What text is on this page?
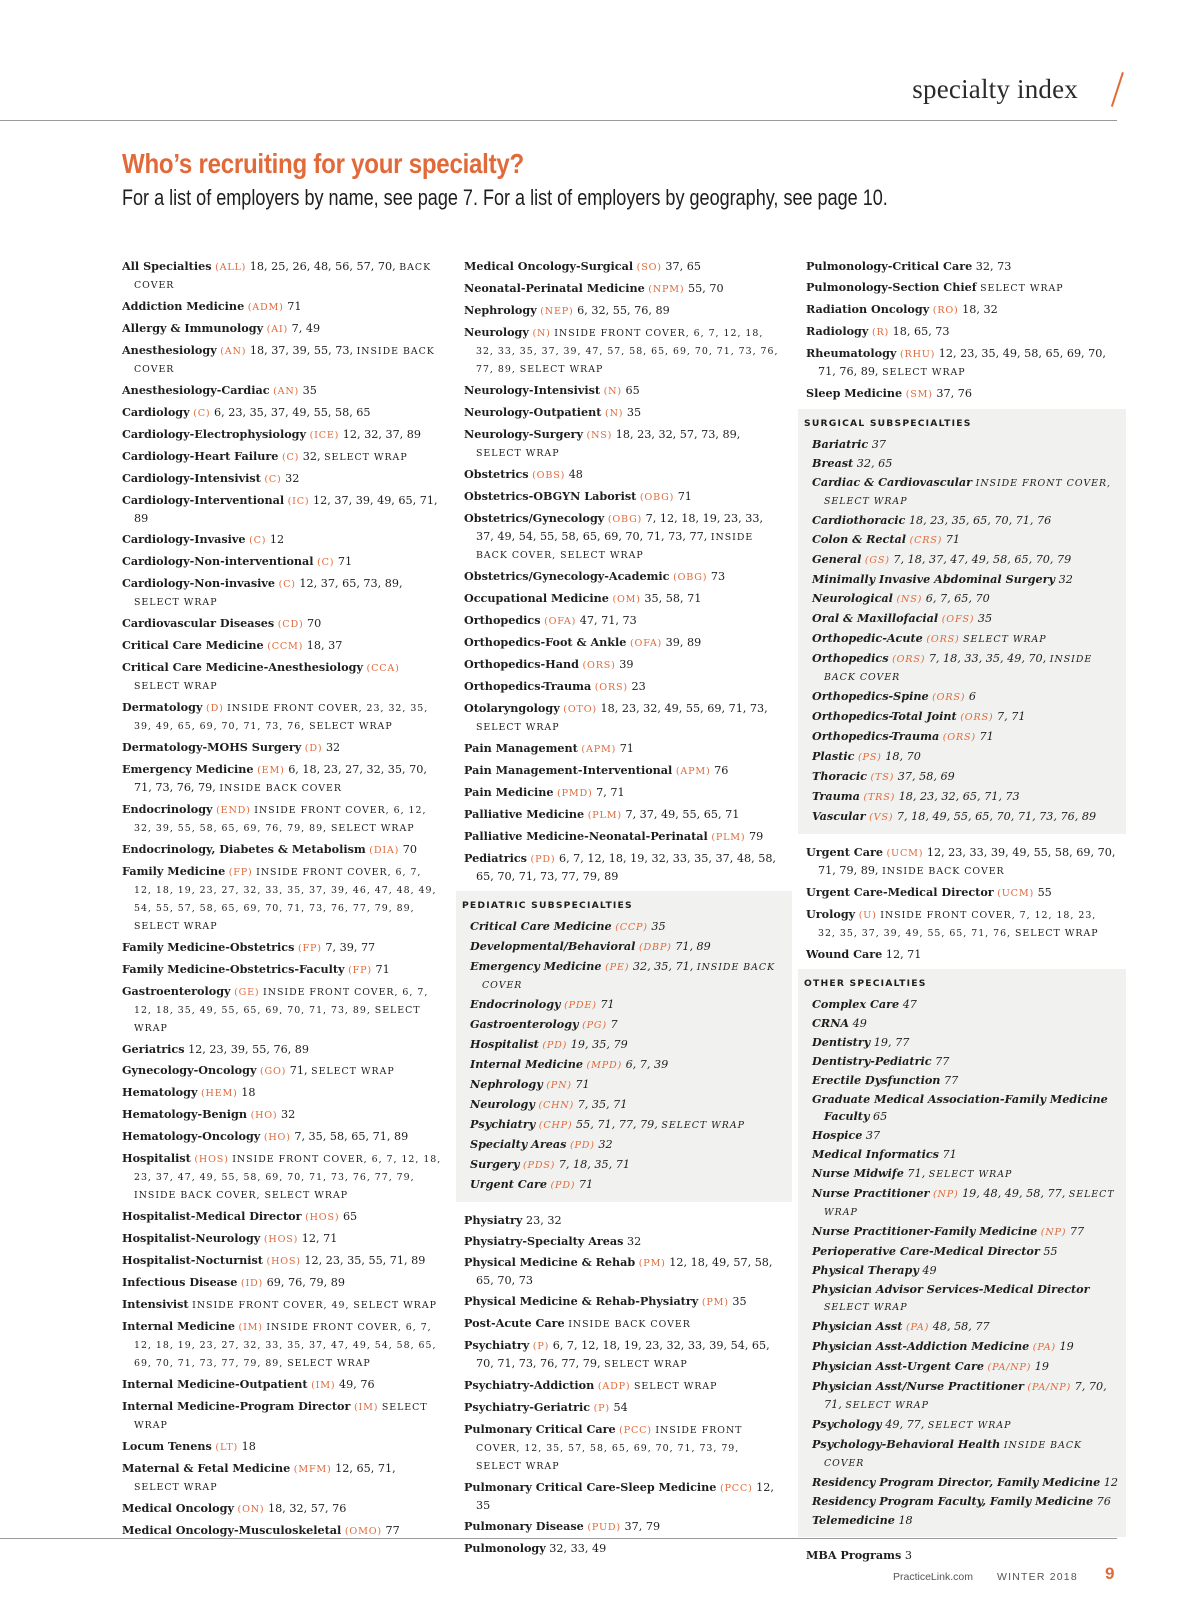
specialty index
Who’s recruiting for your specialty?
For a list of employers by name, see page 7. For a list of employers by geography, see page 10.
All Specialties (ALL) 18, 25, 26, 48, 56, 57, 70, BACK COVER
Addiction Medicine (ADM) 71
Allergy & Immunology (AI) 7, 49
Anesthesiology (AN) 18, 37, 39, 55, 73, INSIDE BACK COVER
Anesthesiology-Cardiac (AN) 35
Cardiology (C) 6, 23, 35, 37, 49, 55, 58, 65
Cardiology-Electrophysiology (ICE) 12, 32, 37, 89
Cardiology-Heart Failure (C) 32, SELECT WRAP
Cardiology-Intensivist (C) 32
Cardiology-Interventional (IC) 12, 37, 39, 49, 65, 71, 89
Cardiology-Invasive (C) 12
Cardiology-Non-interventional (C) 71
Cardiology-Non-invasive (C) 12, 37, 65, 73, 89, SELECT WRAP
Cardiovascular Diseases (CD) 70
Critical Care Medicine (CCM) 18, 37
Critical Care Medicine-Anesthesiology (CCA) SELECT WRAP
Dermatology (D) INSIDE FRONT COVER, 23, 32, 35, 39, 49, 65, 69, 70, 71, 73, 76, SELECT WRAP
Dermatology-MOHS Surgery (D) 32
Emergency Medicine (EM) 6, 18, 23, 27, 32, 35, 70, 71, 73, 76, 79, INSIDE BACK COVER
Endocrinology (END) INSIDE FRONT COVER, 6, 12, 32, 39, 55, 58, 65, 69, 76, 79, 89, SELECT WRAP
Endocrinology, Diabetes & Metabolism (DIA) 70
Family Medicine (FP) INSIDE FRONT COVER, 6, 7, 12, 18, 19, 23, 27, 32, 33, 35, 37, 39, 46, 47, 48, 49, 54, 55, 57, 58, 65, 69, 70, 71, 73, 76, 77, 79, 89, SELECT WRAP
Family Medicine-Obstetrics (FP) 7, 39, 77
Family Medicine-Obstetrics-Faculty (FP) 71
Gastroenterology (GE) INSIDE FRONT COVER, 6, 7, 12, 18, 35, 49, 55, 65, 69, 70, 71, 73, 89, SELECT WRAP
Geriatrics 12, 23, 39, 55, 76, 89
Gynecology-Oncology (GO) 71, SELECT WRAP
Hematology (HEM) 18
Hematology-Benign (HO) 32
Hematology-Oncology (HO) 7, 35, 58, 65, 71, 89
Hospitalist (HOS) INSIDE FRONT COVER, 6, 7, 12, 18, 23, 37, 47, 49, 55, 58, 69, 70, 71, 73, 76, 77, 79, INSIDE BACK COVER, SELECT WRAP
Hospitalist-Medical Director (HOS) 65
Hospitalist-Neurology (HOS) 12, 71
Hospitalist-Nocturnist (HOS) 12, 23, 35, 55, 71, 89
Infectious Disease (ID) 69, 76, 79, 89
Intensivist INSIDE FRONT COVER, 49, SELECT WRAP
Internal Medicine (IM) INSIDE FRONT COVER, 6, 7, 12, 18, 19, 23, 27, 32, 33, 35, 37, 47, 49, 54, 58, 65, 69, 70, 71, 73, 77, 79, 89, SELECT WRAP
Internal Medicine-Outpatient (IM) 49, 76
Internal Medicine-Program Director (IM) SELECT WRAP
Locum Tenens (LT) 18
Maternal & Fetal Medicine (MFM) 12, 65, 71, SELECT WRAP
Medical Oncology (ON) 18, 32, 57, 76
Medical Oncology-Musculoskeletal (OMO) 77
Medical Oncology-Surgical (SO) 37, 65
Neonatal-Perinatal Medicine (NPM) 55, 70
Nephrology (NEP) 6, 32, 55, 76, 89
Neurology (N) INSIDE FRONT COVER, 6, 7, 12, 18, 32, 33, 35, 37, 39, 47, 57, 58, 65, 69, 70, 71, 73, 76, 77, 89, SELECT WRAP
Neurology-Intensivist (N) 65
Neurology-Outpatient (N) 35
Neurology-Surgery (NS) 18, 23, 32, 57, 73, 89, SELECT WRAP
Obstetrics (OBS) 48
Obstetrics-OBGYN Laborist (OBG) 71
Obstetrics/Gynecology (OBG) 7, 12, 18, 19, 23, 33, 37, 49, 54, 55, 58, 65, 69, 70, 71, 73, 77, INSIDE BACK COVER, SELECT WRAP
Obstetrics/Gynecology-Academic (OBG) 73
Occupational Medicine (OM) 35, 58, 71
Orthopedics (OFA) 47, 71, 73
Orthopedics-Foot & Ankle (OFA) 39, 89
Orthopedics-Hand (ORS) 39
Orthopedics-Trauma (ORS) 23
Otolaryngology (OTO) 18, 23, 32, 49, 55, 69, 71, 73, SELECT WRAP
Pain Management (APM) 71
Pain Management-Interventional (APM) 76
Pain Medicine (PMD) 7, 71
Palliative Medicine (PLM) 7, 37, 49, 55, 65, 71
Palliative Medicine-Neonatal-Perinatal (PLM) 79
Pediatrics (PD) 6, 7, 12, 18, 19, 32, 33, 35, 37, 48, 58, 65, 70, 71, 73, 77, 79, 89
PEDIATRIC SUBSPECIALTIES
Critical Care Medicine (CCP) 35
Developmental/Behavioral (DBP) 71, 89
Emergency Medicine (PE) 32, 35, 71, INSIDE BACK COVER
Endocrinology (PDE) 71
Gastroenterology (PG) 7
Hospitalist (PD) 19, 35, 79
Internal Medicine (MPD) 6, 7, 39
Nephrology (PN) 71
Neurology (CHN) 7, 35, 71
Psychiatry (CHP) 55, 71, 77, 79, SELECT WRAP
Specialty Areas (PD) 32
Surgery (PDS) 7, 18, 35, 71
Urgent Care (PD) 71
Physiatry 23, 32
Physiatry-Specialty Areas 32
Physical Medicine & Rehab (PM) 12, 18, 49, 57, 58, 65, 70, 73
Physical Medicine & Rehab-Physiatry (PM) 35
Post-Acute Care INSIDE BACK COVER
Psychiatry (P) 6, 7, 12, 18, 19, 23, 32, 33, 39, 54, 65, 70, 71, 73, 76, 77, 79, SELECT WRAP
Psychiatry-Addiction (ADP) SELECT WRAP
Psychiatry-Geriatric (P) 54
Pulmonary Critical Care (PCC) INSIDE FRONT COVER, 12, 35, 57, 58, 65, 69, 70, 71, 73, 79, SELECT WRAP
Pulmonary Critical Care-Sleep Medicine (PCC) 12, 35
Pulmonary Disease (PUD) 37, 79
Pulmonology 32, 33, 49
Pulmonology-Critical Care 32, 73
Pulmonology-Section Chief SELECT WRAP
Radiation Oncology (RO) 18, 32
Radiology (R) 18, 65, 73
Rheumatology (RHU) 12, 23, 35, 49, 58, 65, 69, 70, 71, 76, 89, SELECT WRAP
Sleep Medicine (SM) 37, 76
SURGICAL SUBSPECIALTIES
Bariatric 37
Breast 32, 65
Cardiac & Cardiovascular INSIDE FRONT COVER, SELECT WRAP
Cardiothoracic 18, 23, 35, 65, 70, 71, 76
Colon & Rectal (CRS) 71
General (GS) 7, 18, 37, 47, 49, 58, 65, 70, 79
Minimally Invasive Abdominal Surgery 32
Neurological (NS) 6, 7, 65, 70
Oral & Maxillofacial (OFS) 35
Orthopedic-Acute (ORS) SELECT WRAP
Orthopedics (ORS) 7, 18, 33, 35, 49, 70, INSIDE BACK COVER
Orthopedics-Spine (ORS) 6
Orthopedics-Total Joint (ORS) 7, 71
Orthopedics-Trauma (ORS) 71
Plastic (PS) 18, 70
Thoracic (TS) 37, 58, 69
Trauma (TRS) 18, 23, 32, 65, 71, 73
Vascular (VS) 7, 18, 49, 55, 65, 70, 71, 73, 76, 89
Urgent Care (UCM) 12, 23, 33, 39, 49, 55, 58, 69, 70, 71, 79, 89, INSIDE BACK COVER
Urgent Care-Medical Director (UCM) 55
Urology (U) INSIDE FRONT COVER, 7, 12, 18, 23, 32, 35, 37, 39, 49, 55, 65, 71, 76, SELECT WRAP
Wound Care 12, 71
OTHER SPECIALTIES
Complex Care 47
CRNA 49
Dentistry 19, 77
Dentistry-Pediatric 77
Erectile Dysfunction 77
Graduate Medical Association-Family Medicine Faculty 65
Hospice 37
Medical Informatics 71
Nurse Midwife 71, SELECT WRAP
Nurse Practitioner (NP) 19, 48, 49, 58, 77, SELECT WRAP
Nurse Practitioner-Family Medicine (NP) 77
Perioperative Care-Medical Director 55
Physical Therapy 49
Physician Advisor Services-Medical Director SELECT WRAP
Physician Asst (PA) 48, 58, 77
Physician Asst-Addiction Medicine (PA) 19
Physician Asst-Urgent Care (PA/NP) 19
Physician Asst/Nurse Practitioner (PA/NP) 7, 70, 71, SELECT WRAP
Psychology 49, 77, SELECT WRAP
Psychology-Behavioral Health INSIDE BACK COVER
Residency Program Director, Family Medicine 12
Residency Program Faculty, Family Medicine 76
Telemedicine 18
MBA Programs 3
PracticeLink.com WINTER 2018 9
